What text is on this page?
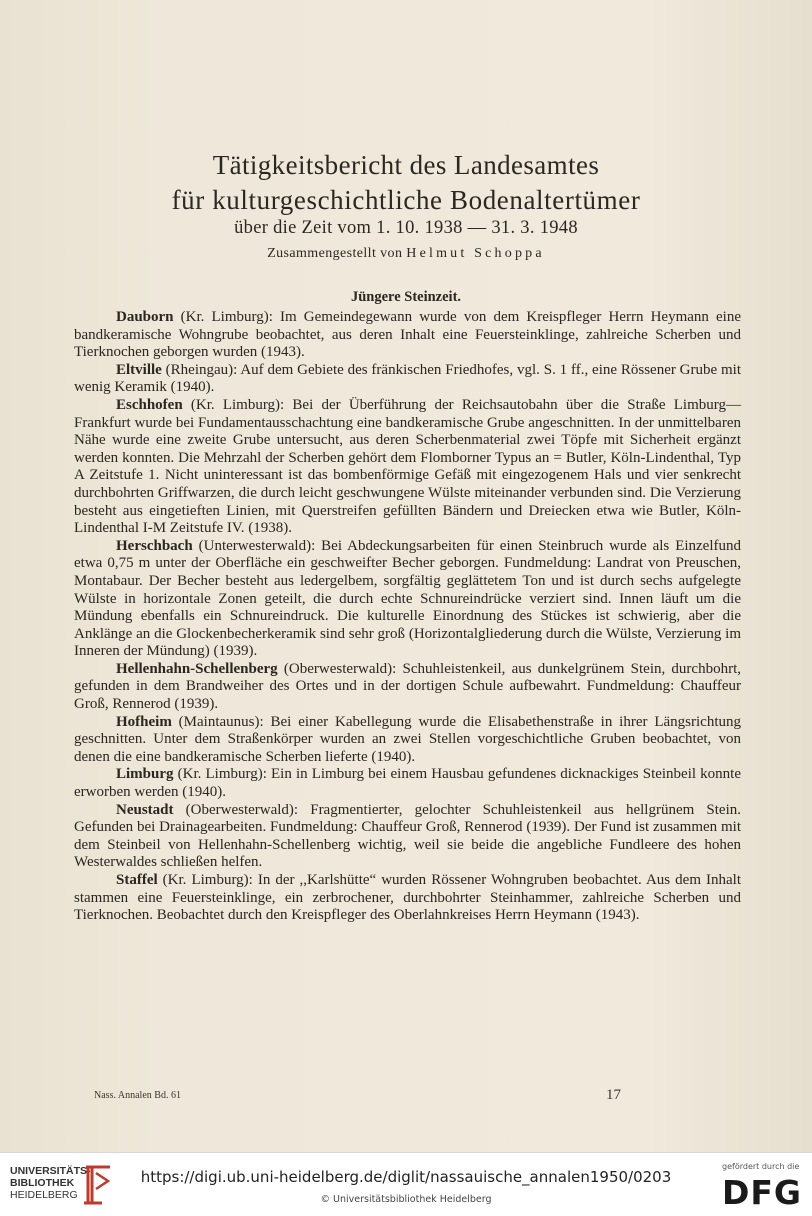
Tätigkeitsbericht des Landesamtes
für kulturgeschichtliche Bodenaltertümer
über die Zeit vom 1. 10. 1938 — 31. 3. 1948
Zusammengestellt von Helmut Schoppa
Jüngere Steinzeit.

Dauborn (Kr. Limburg): Im Gemeindegewann wurde von dem Kreispfleger Herrn Heymann eine bandkeramische Wohngrube beobachtet, aus deren Inhalt eine Feuersteinklinge, zahlreiche Scherben und Tierknochen geborgen wurden (1943).

Eltville (Rheingau): Auf dem Gebiete des fränkischen Friedhofes, vgl. S. 1 ff., eine Rössener Grube mit wenig Keramik (1940).

Eschhofen (Kr. Limburg): Bei der Überführung der Reichsautobahn über die Straße Limburg—Frankfurt wurde bei Fundamentausschachtung eine bandkeramische Grube angeschnitten. In der unmittelbaren Nähe wurde eine zweite Grube untersucht, aus deren Scherbenmaterial zwei Töpfe mit Sicherheit ergänzt werden konnten. Die Mehrzahl der Scherben gehört dem Flomborner Typus an = Butler, Köln-Lindenthal, Typ A Zeitstufe 1. Nicht uninteressant ist das bombenförmige Gefäß mit eingezogenem Hals und vier senkrecht durchbohrten Griffwarzen, die durch leicht geschwungene Wülste miteinander verbunden sind. Die Verzierung besteht aus eingetieften Linien, mit Querstreifen gefüllten Bändern und Dreiecken etwa wie Butler, Köln-Lindenthal I-M Zeitstufe IV. (1938).

Herschbach (Unterwesterwald): Bei Abdeckungsarbeiten für einen Steinbruch wurde als Einzelfund etwa 0,75 m unter der Oberfläche ein geschweifter Becher geborgen. Fundmeldung: Landrat von Preuschen, Montabaur. Der Becher besteht aus ledergelbem, sorgfältig geglättetem Ton und ist durch sechs aufgelegte Wülste in horizontale Zonen geteilt, die durch echte Schnureindrücke verziert sind. Innen läuft um die Mündung ebenfalls ein Schnureindruck. Die kulturelle Einordnung des Stückes ist schwierig, aber die Anklänge an die Glockenbecherkeramik sind sehr groß (Horizontalgliederung durch die Wülste, Verzierung im Inneren der Mündung) (1939).

Hellenhahn-Schellenberg (Oberwesterwald): Schuhleistenkeil, aus dunkelgrünem Stein, durchbohrt, gefunden in dem Brandweiher des Ortes und in der dortigen Schule aufbewahrt. Fundmeldung: Chauffeur Groß, Rennerod (1939).

Hofheim (Maintaunus): Bei einer Kabellegung wurde die Elisabethenstraße in ihrer Längsrichtung geschnitten. Unter dem Straßenkörper wurden an zwei Stellen vorgeschichtliche Gruben beobachtet, von denen die eine bandkeramische Scherben lieferte (1940).

Limburg (Kr. Limburg): Ein in Limburg bei einem Hausbau gefundenes dicknackiges Steinbeil konnte erworben werden (1940).

Neustadt (Oberwesterwald): Fragmentierter, gelochter Schuhleistenkeil aus hellgrünem Stein. Gefunden bei Drainagearbeiten. Fundmeldung: Chauffeur Groß, Rennerod (1939). Der Fund ist zusammen mit dem Steinbeil von Hellenhahn-Schellenberg wichtig, weil sie beide die angebliche Fundleere des hohen Westerwaldes schließen helfen.

Staffel (Kr. Limburg): In der ,,Karlshütte“ wurden Rössener Wohngruben beobachtet. Aus dem Inhalt stammen eine Feuersteinklinge, ein zerbrochener, durchbohrter Steinhammer, zahlreiche Scherben und Tierknochen. Beobachtet durch den Kreispfleger des Oberlahnkreises Herrn Heymann (1943).

Nass. Annalen Bd. 61	17
UNIVERSITÄTS-
BIBLIOTHEK
HEIDELBERG
https://digi.ub.uni-heidelberg.de/diglit/nassauische_annalen1950/0203
© Universitätsbibliothek Heidelberg
gefördert durch die
DFG
